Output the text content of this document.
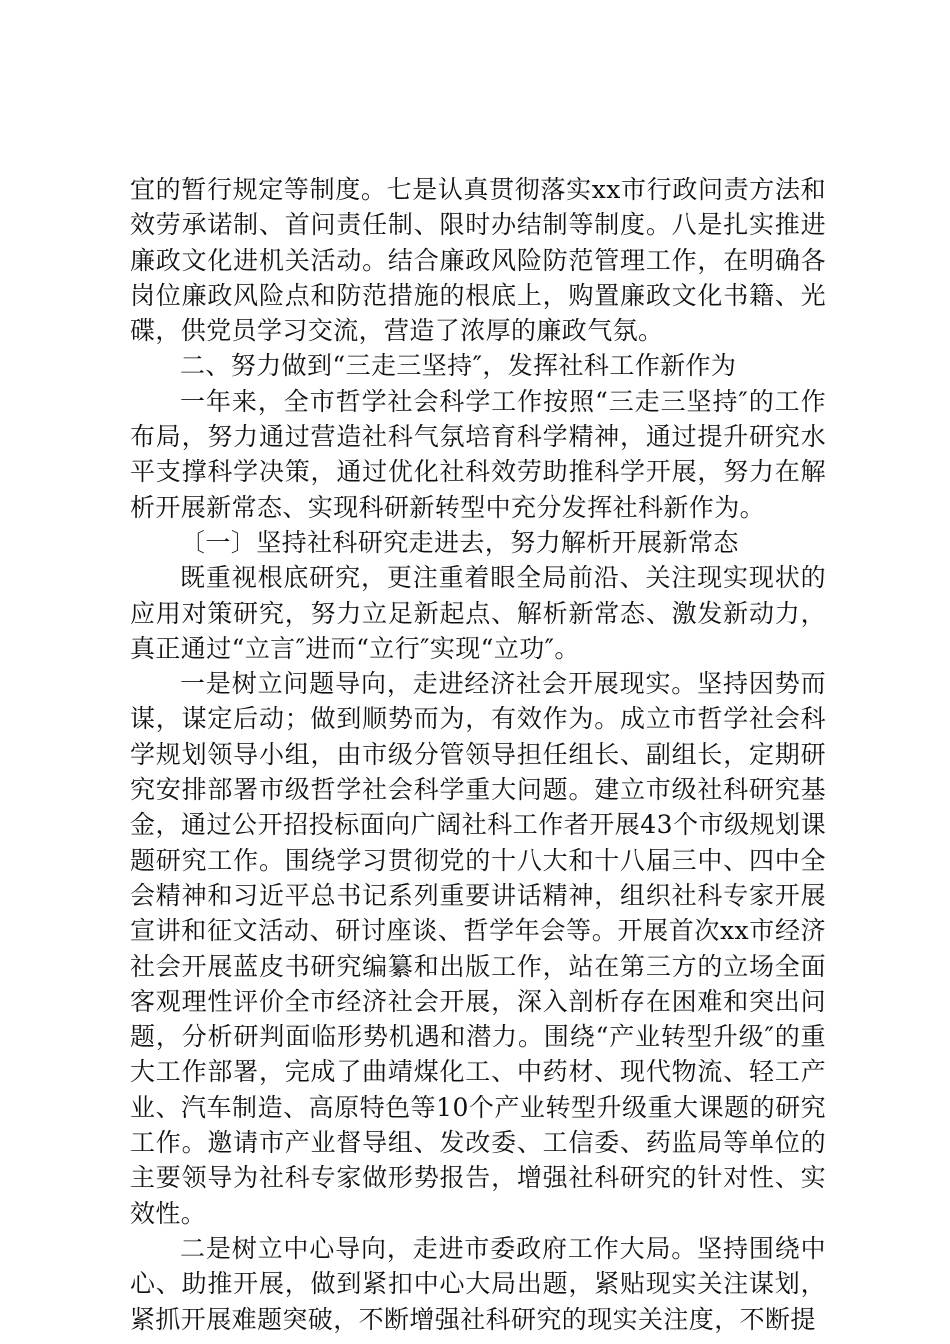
宜的暂行规定等制度。七是认真贯彻落实xx市行政问责方法和效劳承诺制、首问责任制、限时办结制等制度。八是扎实推进廉政文化进机关活动。结合廉政风险防范管理工作，在明确各岗位廉政风险点和防范措施的根底上，购置廉政文化书籍、光碟，供党员学习交流，营造了浓厚的廉政气氛。

二、努力做到“三走三坚持″，发挥社科工作新作为

一年来，全市哲学社会科学工作按照“三走三坚持″的工作布局，努力通过营造社科气氛培育科学精神，通过提升研究水平支撑科学决策，通过优化社科效劳助推科学开展，努力在解析开展新常态、实现科研新转型中充分发挥社科新作为。

〔一〕坚持社科研究走进去，努力解析开展新常态

既重视根底研究，更注重着眼全局前沿、关注现实现状的应用对策研究，努力立足新起点、解析新常态、激发新动力，真正通过“立言″进而“立行″实现“立功″。

一是树立问题导向，走进经济社会开展现实。坚持因势而谋，谋定后动；做到顺势而为，有效作为。成立市哲学社会科学规划领导小组，由市级分管领导担任组长、副组长，定期研究安排部署市级哲学社会科学重大问题。建立市级社科研究基金，通过公开招投标面向广阔社科工作者开展43个市级规划课题研究工作。围绕学习贯彻党的十八大和十八届三中、四中全会精神和习近平总书记系列重要讲话精神，组织社科专家开展宣讲和征文活动、研讨座谈、哲学年会等。开展首次xx市经济社会开展蓝皮书研究编纂和出版工作，站在第三方的立场全面客观理性评价全市经济社会开展，深入剖析存在困难和突出问题，分析研判面临形势机遇和潜力。围绕“产业转型升级″的重大工作部署，完成了曲靖煤化工、中药材、现代物流、轻工产业、汽车制造、高原特色等10个产业转型升级重大课题的研究工作。邀请市产业督导组、发改委、工信委、药监局等单位的主要领导为社科专家做形势报告，增强社科研究的针对性、实效性。

二是树立中心导向，走进市委政府工作大局。坚持围绕中心、助推开展，做到紧扣中心大局出题，紧贴现实关注谋划，紧抓开展难题突破，不断增强社科研究的现实关注度，不断提
